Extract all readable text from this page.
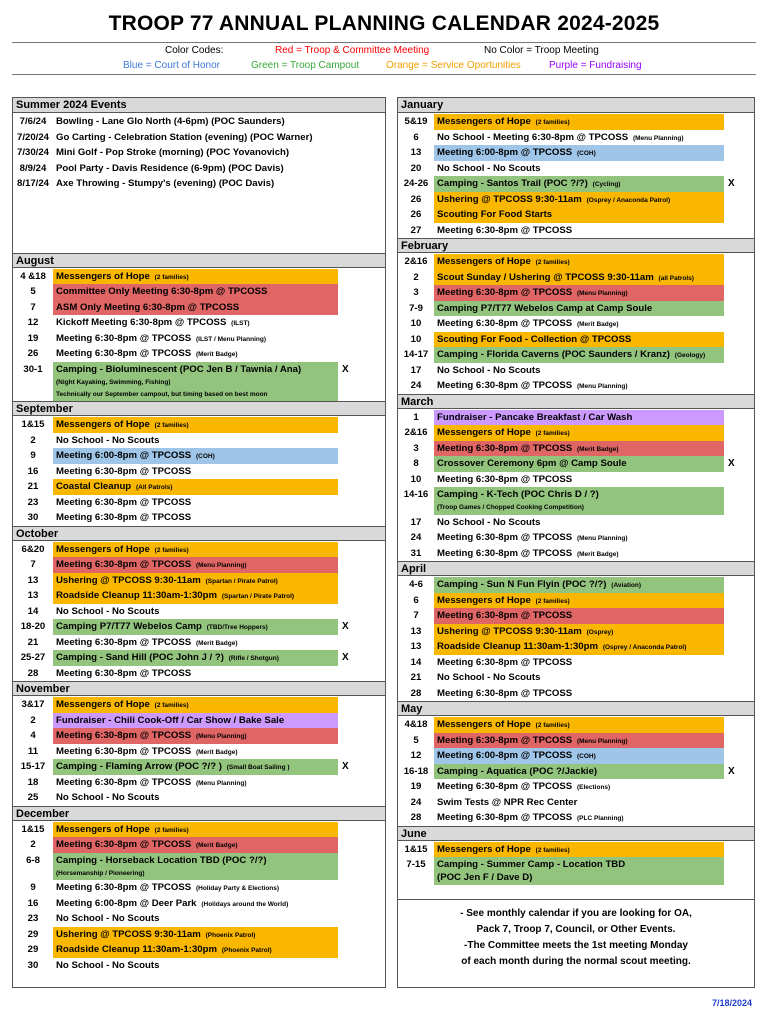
TROOP 77 ANNUAL PLANNING CALENDAR 2024-2025
Color Codes:	Red = Troop & Committee Meeting	No Color = Troop Meeting
Blue = Court of Honor	Green = Troop Campout	Orange = Service Oportunities	Purple = Fundraising
Summer 2024 Events
7/6/24	Bowling - Lane Glo North (4-6pm) (POC Saunders)
7/20/24 Go Carting - Celebration Station (evening) (POC Warner)
7/30/24 Mini Golf - Pop Stroke (morning) (POC Yovanovich)
8/9/24	Pool Party - Davis Residence (6-9pm) (POC Davis)
8/17/24 Axe Throwing - Stumpy's (evening) (POC Davis)
August
4 &18	Messengers of Hope (2 families)
5	Committee Only Meeting 6:30-8pm @ TPCOSS
7	ASM Only Meeting 6:30-8pm @ TPCOSS
12	Kickoff Meeting 6:30-8pm @ TPCOSS (ILST)
19	Meeting 6:30-8pm @ TPCOSS (ILST / Menu Planning)
26	Meeting 6:30-8pm @ TPCOSS (Merit Badge)
30-1	Camping - Bioluminescent (POC Jen B / Tawnia / Ana)
(Night Kayaking, Swimming, Fishing)
Technically our September campout, but timing based on best moon
X
September
1&15	Messengers of Hope (2 families)
2	No School - No Scouts
9	Meeting 6:00-8pm @ TPCOSS (COH)
16	Meeting 6:30-8pm @ TPCOSS
21	Coastal Cleanup (All Patrols)
23	Meeting 6:30-8pm @ TPCOSS
30	Meeting 6:30-8pm @ TPCOSS
October
6&20	Messengers of Hope (2 families)
7	Meeting 6:30-8pm @ TPCOSS (Menu Planning)
13	Ushering @ TPCOSS 9:30-11am (Spartan / Pirate Patrol)
13	Roadside Cleanup 11:30am-1:30pm (Spartan / Pirate Patrol)
14	No School - No Scouts
18-20	Camping P7/T77 Webelos Camp (TBD/Tree Hoppers)	X
21	Meeting 6:30-8pm @ TPCOSS (Merit Badge)
25-27	Camping - Sand Hill (POC John J / ?) (Rifle / Shotgun)	X
28	Meeting 6:30-8pm @ TPCOSS
November
3&17	Messengers of Hope (2 families)
2	Fundraiser - Chili Cook-Off / Car Show / Bake Sale
4	Meeting 6:30-8pm @ TPCOSS (Menu Planning)
11	Meeting 6:30-8pm @ TPCOSS (Merit Badge)
15-17	Camping - Flaming Arrow (POC ?/? ) (Small Boat Sailing )	X
18	Meeting 6:30-8pm @ TPCOSS (Menu Planning)
25	No School - No Scouts
December
1&15	Messengers of Hope (2 families)
2	Meeting 6:30-8pm @ TPCOSS (Merit Badge)
6-8	Camping - Horseback Location TBD (POC ?/?)
(Horsemanship / Pioneering)
9	Meeting 6:30-8pm @ TPCOSS (Holiday Party & Elections)
16	Meeting 6:00-8pm @ Deer Park (Holidays around the World)
23	No School - No Scouts
29	Ushering @ TPCOSS 9:30-11am (Phoenix Patrol)
29	Roadside Cleanup 11:30am-1:30pm (Phoenix Patrol)
30	No School - No Scouts
January
5&19 Messengers of Hope (2 families)
6	No School - Meeting 6:30-8pm @ TPCOSS (Menu Planning)
13	Meeting 6:00-8pm @ TPCOSS (COH)
20	No School - No Scouts
24-26 Camping - Santos Trail (POC ?/?) (Cycling)	X
26	Ushering @ TPCOSS 9:30-11am (Osprey / Anaconda Patrol)
26	Scouting For Food Starts
27	Meeting 6:30-8pm @ TPCOSS
February
2&16 Messengers of Hope (2 families)
2	Scout Sunday / Ushering @ TPCOSS 9:30-11am (all Patrols)
3	Meeting 6:30-8pm @ TPCOSS (Menu Planning)
7-9	Camping P7/T77 Webelos Camp at Camp Soule
10	Meeting 6:30-8pm @ TPCOSS (Merit Badge)
10	Scouting For Food - Collection @ TPCOSS
14-17 Camping - Florida Caverns (POC Saunders / Kranz) (Geology)
17	No School - No Scouts
24	Meeting 6:30-8pm @ TPCOSS (Menu Planning)
March
1	Fundraiser - Pancake Breakfast / Car Wash
2&16 Messengers of Hope (2 families)
3	Meeting 6:30-8pm @ TPCOSS (Merit Badge)
8	Crossover Ceremony 6pm @ Camp Soule	X
10	Meeting 6:30-8pm @ TPCOSS
14-16 Camping - K-Tech (POC Chris D / ?)
(Troop Games / Chopped Cooking Competition)
17	No School - No Scouts
24	Meeting 6:30-8pm @ TPCOSS (Menu Planning)
31	Meeting 6:30-8pm @ TPCOSS (Merit Badge)
April
4-6	Camping - Sun N Fun Flyin (POC ?/?) (Aviation)
6	Messengers of Hope (2 families)
7	Meeting 6:30-8pm @ TPCOSS
13	Ushering @ TPCOSS 9:30-11am (Osprey)
13	Roadside Cleanup 11:30am-1:30pm (Osprey / Anaconda Patrol)
14	Meeting 6:30-8pm @ TPCOSS
21	No School - No Scouts
28	Meeting 6:30-8pm @ TPCOSS
May
4&18 Messengers of Hope (2 families)
5	Meeting 6:30-8pm @ TPCOSS (Menu Planning)
12	Meeting 6:00-8pm @ TPCOSS (COH)
16-18 Camping - Aquatica (POC ?/Jackie)	X
19	Meeting 6:30-8pm @ TPCOSS (Elections)
24	Swim Tests @ NPR Rec Center
28	Meeting 6:30-8pm @ TPCOSS (PLC Planning)
June
1&15 Messengers of Hope (2 families)
7-15	Camping - Summer Camp - Location TBD
(POC Jen F / Dave D)
- See monthly calendar if you are looking for OA,
Pack 7, Troop 7, Council, or Other Events.
-The Committee meets the 1st meeting Monday
of each month during the normal scout meeting.
7/18/2024
